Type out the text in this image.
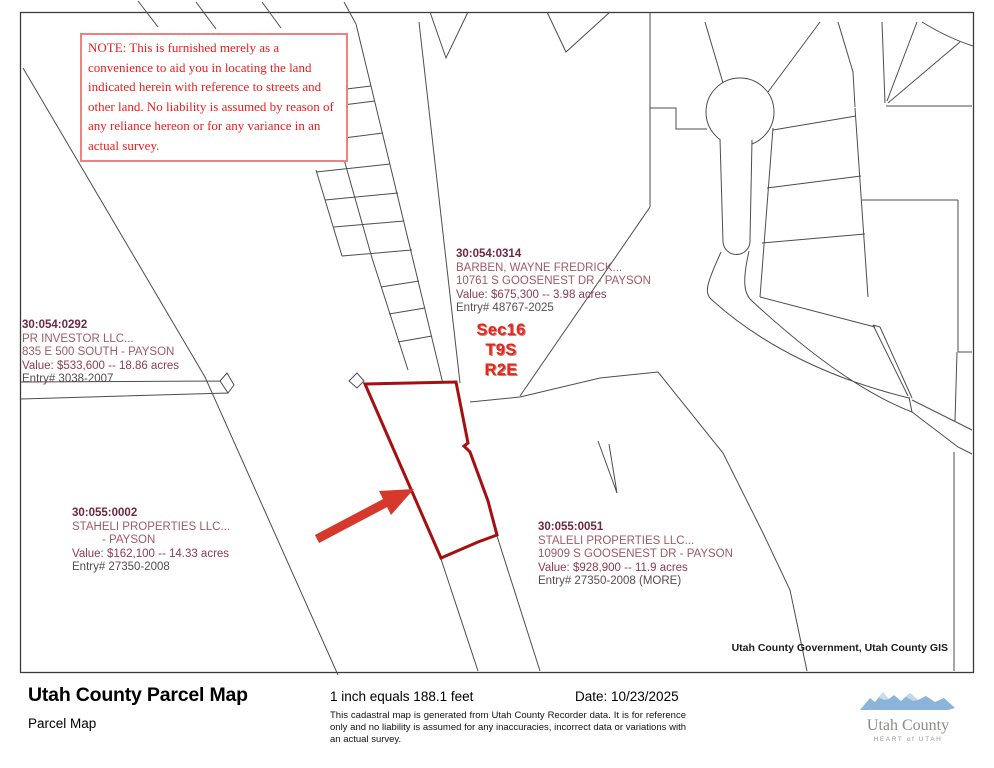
NOTE: This is furnished merely as a convenience to aid you in locating the land indicated herein with reference to streets and other land. No liability is assumed by reason of any reliance hereon or for any variance in an actual survey.
30:054:0314
BARBEN, WAYNE FREDRICK...
10761 S GOOSENEST DR - PAYSON
Value: $675,300 -- 3.98 acres
Entry# 48767-2025
30:054:0292
PR INVESTOR LLC...
835 E 500 SOUTH - PAYSON
Value: $533,600 -- 18.86 acres
Entry# 3038-2007
30:055:0002
STAHELI PROPERTIES LLC...
- PAYSON
Value: $162,100 -- 14.33 acres
Entry# 27350-2008
30:055:0051
STALELI PROPERTIES LLC...
10909 S GOOSENEST DR - PAYSON
Value: $928,900 -- 11.9 acres
Entry# 27350-2008 (MORE)
Sec16
T9S
R2E
Utah County Government, Utah County GIS
Utah County Parcel Map
Parcel Map
1 inch equals 188.1 feet	Date: 10/23/2025
This cadastral map is generated from Utah County Recorder data. It is for reference only and no liability is assumed for any inaccuracies, incorrect data or variations with an actual survey.
Utah County
HEART of UTAH
